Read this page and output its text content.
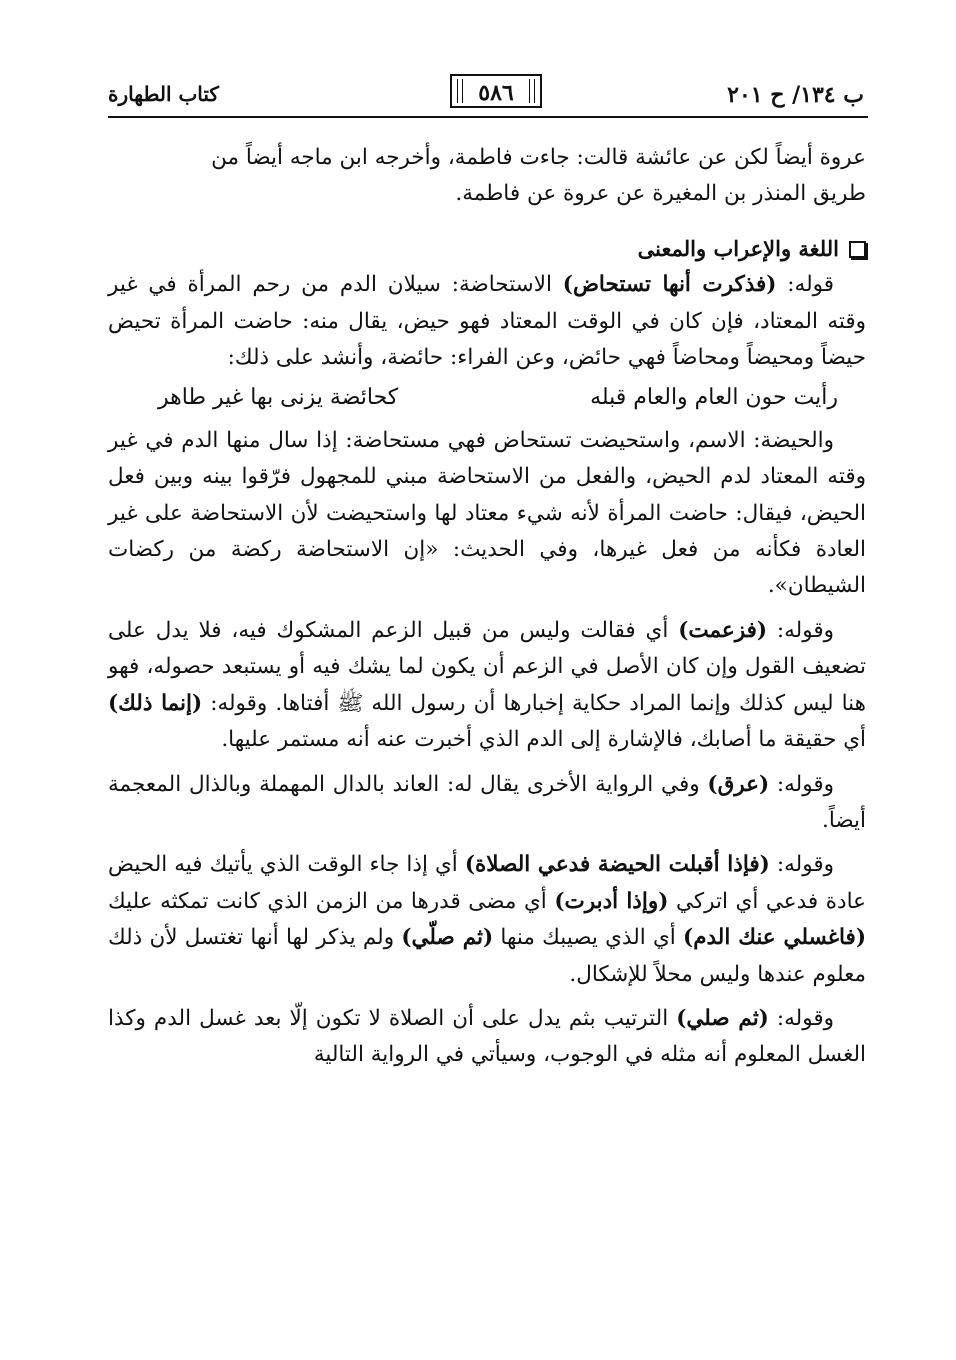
ب ١٣٤/ ح ٢٠١
٥٨٦
كتاب الطهارة

عروة أيضاً لكن عن عائشة قالت: جاءت فاطمة، وأخرجه ابن ماجه أيضاً من

طريق المنذر بن المغيرة عن عروة عن فاطمة.

اللغة والإعراب والمعنى

قوله: (فذكرت أنها تستحاض) الاستحاضة: سيلان الدم من رحم المرأة في غير وقته المعتاد، فإن كان في الوقت المعتاد فهو حيض، يقال منه: حاضت المرأة تحيض حيضاً ومحيضاً ومحاضاً فهي حائض، وعن الفراء: حائضة، وأنشد على ذلك:

رأيت حون العام والعام قبله
كحائضة يزنى بها غير طاهر

والحيضة: الاسم، واستحيضت تستحاض فهي مستحاضة: إذا سال منها الدم في غير وقته المعتاد لدم الحيض، والفعل من الاستحاضة مبني للمجهول فرّقوا بينه وبين فعل الحيض، فيقال: حاضت المرأة لأنه شيء معتاد لها واستحيضت لأن الاستحاضة على غير العادة فكأنه من فعل غيرها، وفي الحديث: «إن الاستحاضة ركضة من ركضات الشيطان».

وقوله: (فزعمت) أي فقالت وليس من قبيل الزعم المشكوك فيه، فلا يدل على تضعيف القول وإن كان الأصل في الزعم أن يكون لما يشك فيه أو يستبعد حصوله، فهو هنا ليس كذلك وإنما المراد حكاية إخبارها أن رسول الله ﷺ أفتاها. وقوله: (إنما ذلك) أي حقيقة ما أصابك، فالإشارة إلى الدم الذي أخبرت عنه أنه مستمر عليها.

وقوله: (عرق) وفي الرواية الأخرى يقال له: العاند بالدال المهملة وبالذال المعجمة أيضاً.

وقوله: (فإذا أقبلت الحيضة فدعي الصلاة) أي إذا جاء الوقت الذي يأتيك فيه الحيض عادة فدعي أي اتركي (وإذا أدبرت) أي مضى قدرها من الزمن الذي كانت تمكثه عليك (فاغسلي عنك الدم) أي الذي يصيبك منها (ثم صلّي) ولم يذكر لها أنها تغتسل لأن ذلك معلوم عندها وليس محلاً للإشكال.

وقوله: (ثم صلي) الترتيب بثم يدل على أن الصلاة لا تكون إلّا بعد غسل الدم وكذا الغسل المعلوم أنه مثله في الوجوب، وسيأتي في الرواية التالية
